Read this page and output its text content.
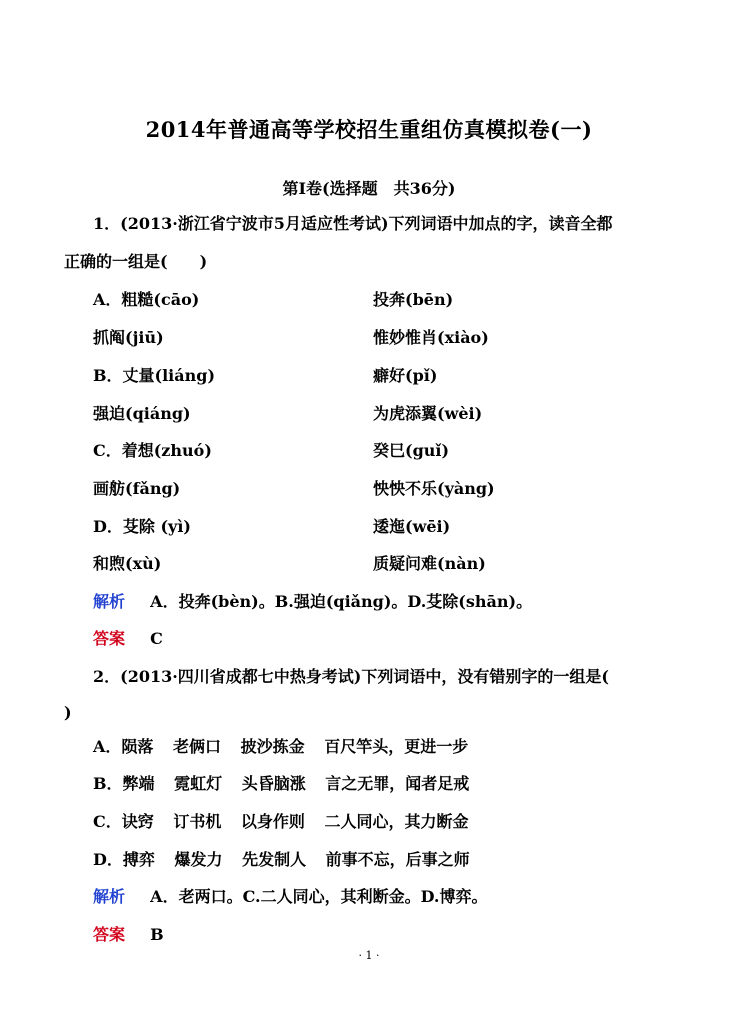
2014年普通高等学校招生重组仿真模拟卷(一)
第Ⅰ卷(选择题　共36分)
1．(2013·浙江省宁波市5月适应性考试)下列词语中加点的字，读音全都
正确的一组是(　　)
A．粗糙(cāo)	投奔(bēn)
抓阄(jiū)	惟妙惟肖(xiào)
B．丈量(liáng)	癖好(pǐ)
强迫(qiáng)	为虎添翼(wèi)
C．着想(zhuó)	癸巳(guǐ)
画舫(fǎng)	怏怏不乐(yàng)
D．芟除 (yì)	逶迤(wēi)
和煦(xù)	质疑问难(nàn)
解析 A．投奔(bèn)。B.强迫(qiǎng)。D.芟除(shān)。
答案 C
2．(2013·四川省成都七中热身考试)下列词语中，没有错别字的一组是(
)
A．陨落 老俩口 披沙拣金 百尺竿头，更进一步
B．弊端 霓虹灯 头昏脑涨 言之无罪，闻者足戒
C．诀窍 订书机 以身作则 二人同心，其力断金
D．搏弈 爆发力 先发制人 前事不忘，后事之师
解析 A．老两口。C.二人同心，其利断金。D.博弈。
答案 B
· 1 ·
